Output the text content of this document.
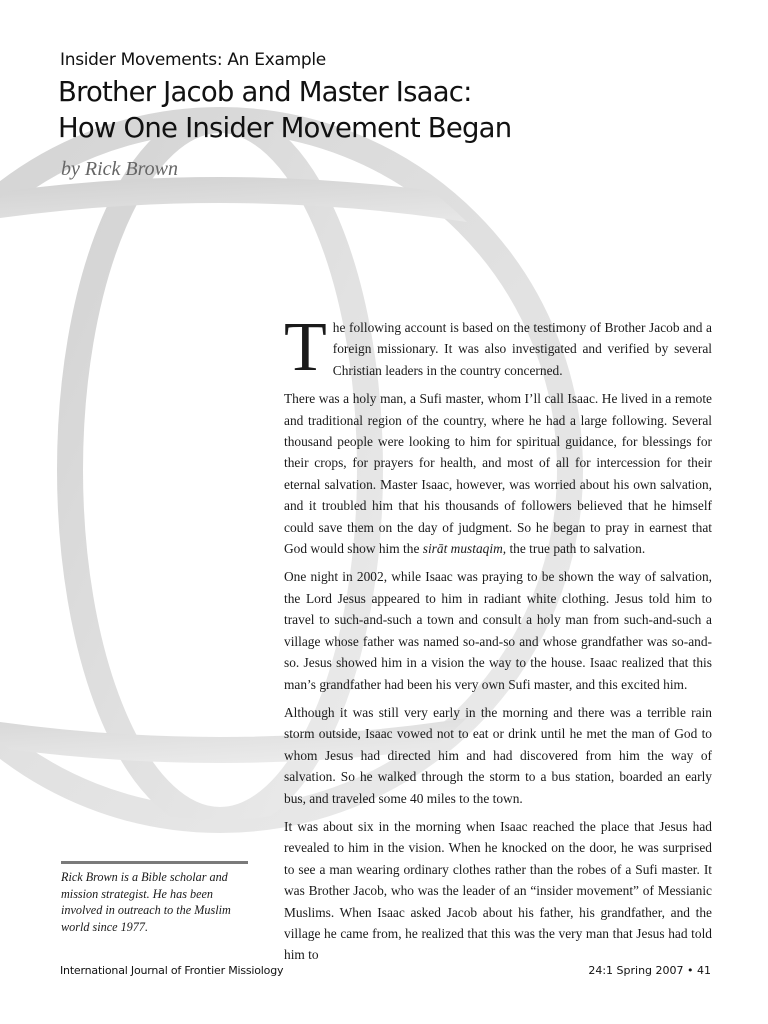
Insider Movements: An Example
Brother Jacob and Master Isaac:
How One Insider Movement Began
by Rick Brown

The following account is based on the testimony of Brother Jacob and a foreign missionary. It was also investigated and verified by several Christian leaders in the country concerned.

There was a holy man, a Sufi master, whom I’ll call Isaac. He lived in a remote and traditional region of the country, where he had a large following. Several thousand people were looking to him for spiritual guidance, for blessings for their crops, for prayers for health, and most of all for intercession for their eternal salvation. Master Isaac, however, was worried about his own salvation, and it troubled him that his thousands of followers believed that he himself could save them on the day of judgment. So he began to pray in earnest that God would show him the sirāt mustaqim, the true path to salvation.

One night in 2002, while Isaac was praying to be shown the way of salvation, the Lord Jesus appeared to him in radiant white clothing. Jesus told him to travel to such-and-such a town and consult a holy man from such-and-such a village whose father was named so-and-so and whose grandfather was so-and-so. Jesus showed him in a vision the way to the house. Isaac realized that this man’s grandfather had been his very own Sufi master, and this excited him.

Although it was still very early in the morning and there was a terrible rain storm outside, Isaac vowed not to eat or drink until he met the man of God to whom Jesus had directed him and had discovered from him the way of salvation. So he walked through the storm to a bus station, boarded an early bus, and traveled some 40 miles to the town.

It was about six in the morning when Isaac reached the place that Jesus had revealed to him in the vision. When he knocked on the door, he was surprised to see a man wearing ordinary clothes rather than the robes of a Sufi master. It was Brother Jacob, who was the leader of an “insider movement” of Messianic Muslims. When Isaac asked Jacob about his father, his grandfather, and the village he came from, he realized that this was the very man that Jesus had told him to

Rick Brown is a Bible scholar and mission strategist. He has been involved in outreach to the Muslim world since 1977.

International Journal of Frontier Missiology	24:1 Spring 2007 • 41
